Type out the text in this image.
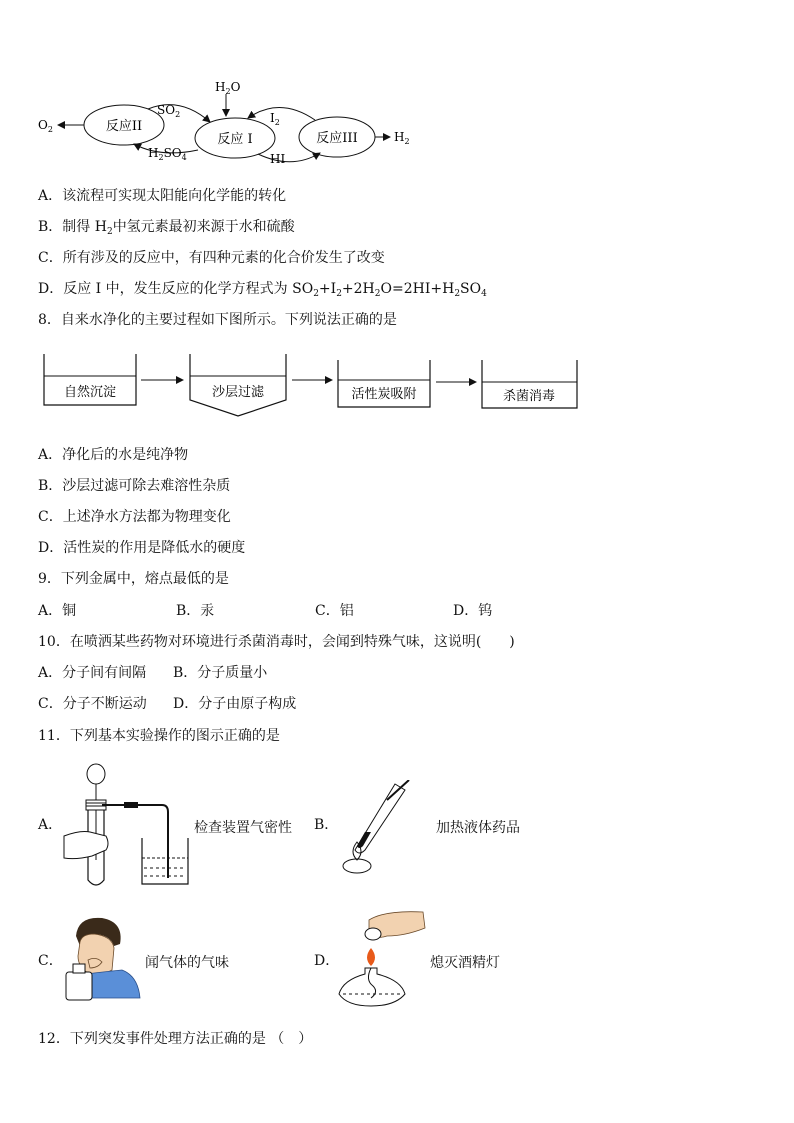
反应II
反应 I	反应III
$O_2$
$SO_2$
$H_2SO_4$
$H_2O$
$I_2$
HI
$H_2$
A．该流程可实现太阳能向化学能的转化
B．制得 $H_2$中氢元素最初来源于水和硫酸
C．所有涉及的反应中，有四种元素的化合价发生了改变
D．反应 I 中，发生反应的化学方程式为 $SO_2+I_2+2H_2O=2HI+H_2SO_4$
8．自来水净化的主要过程如下图所示。下列说法正确的是
自然沉淀	沙层过滤	活性炭吸附	杀菌消毒
A．净化后的水是纯净物
B．沙层过滤可除去难溶性杂质
C．上述净水方法都为物理变化
D．活性炭的作用是降低水的硬度
9．下列金属中，熔点最低的是
A．铜	B．汞	C．铝	D．钨
10．在喷洒某些药物对环境进行杀菌消毒时，会闻到特殊气味，这说明(　　)
A．分子间有间隔 B．分子质量小
C．分子不断运动 D．分子由原子构成
11．下列基本实验操作的图示正确的是
A．	检查装置气密性 B．	加热液体药品
C．	闻气体的气味	D．	熄灭酒精灯
12．下列突发事件处理方法正确的是 （　）
